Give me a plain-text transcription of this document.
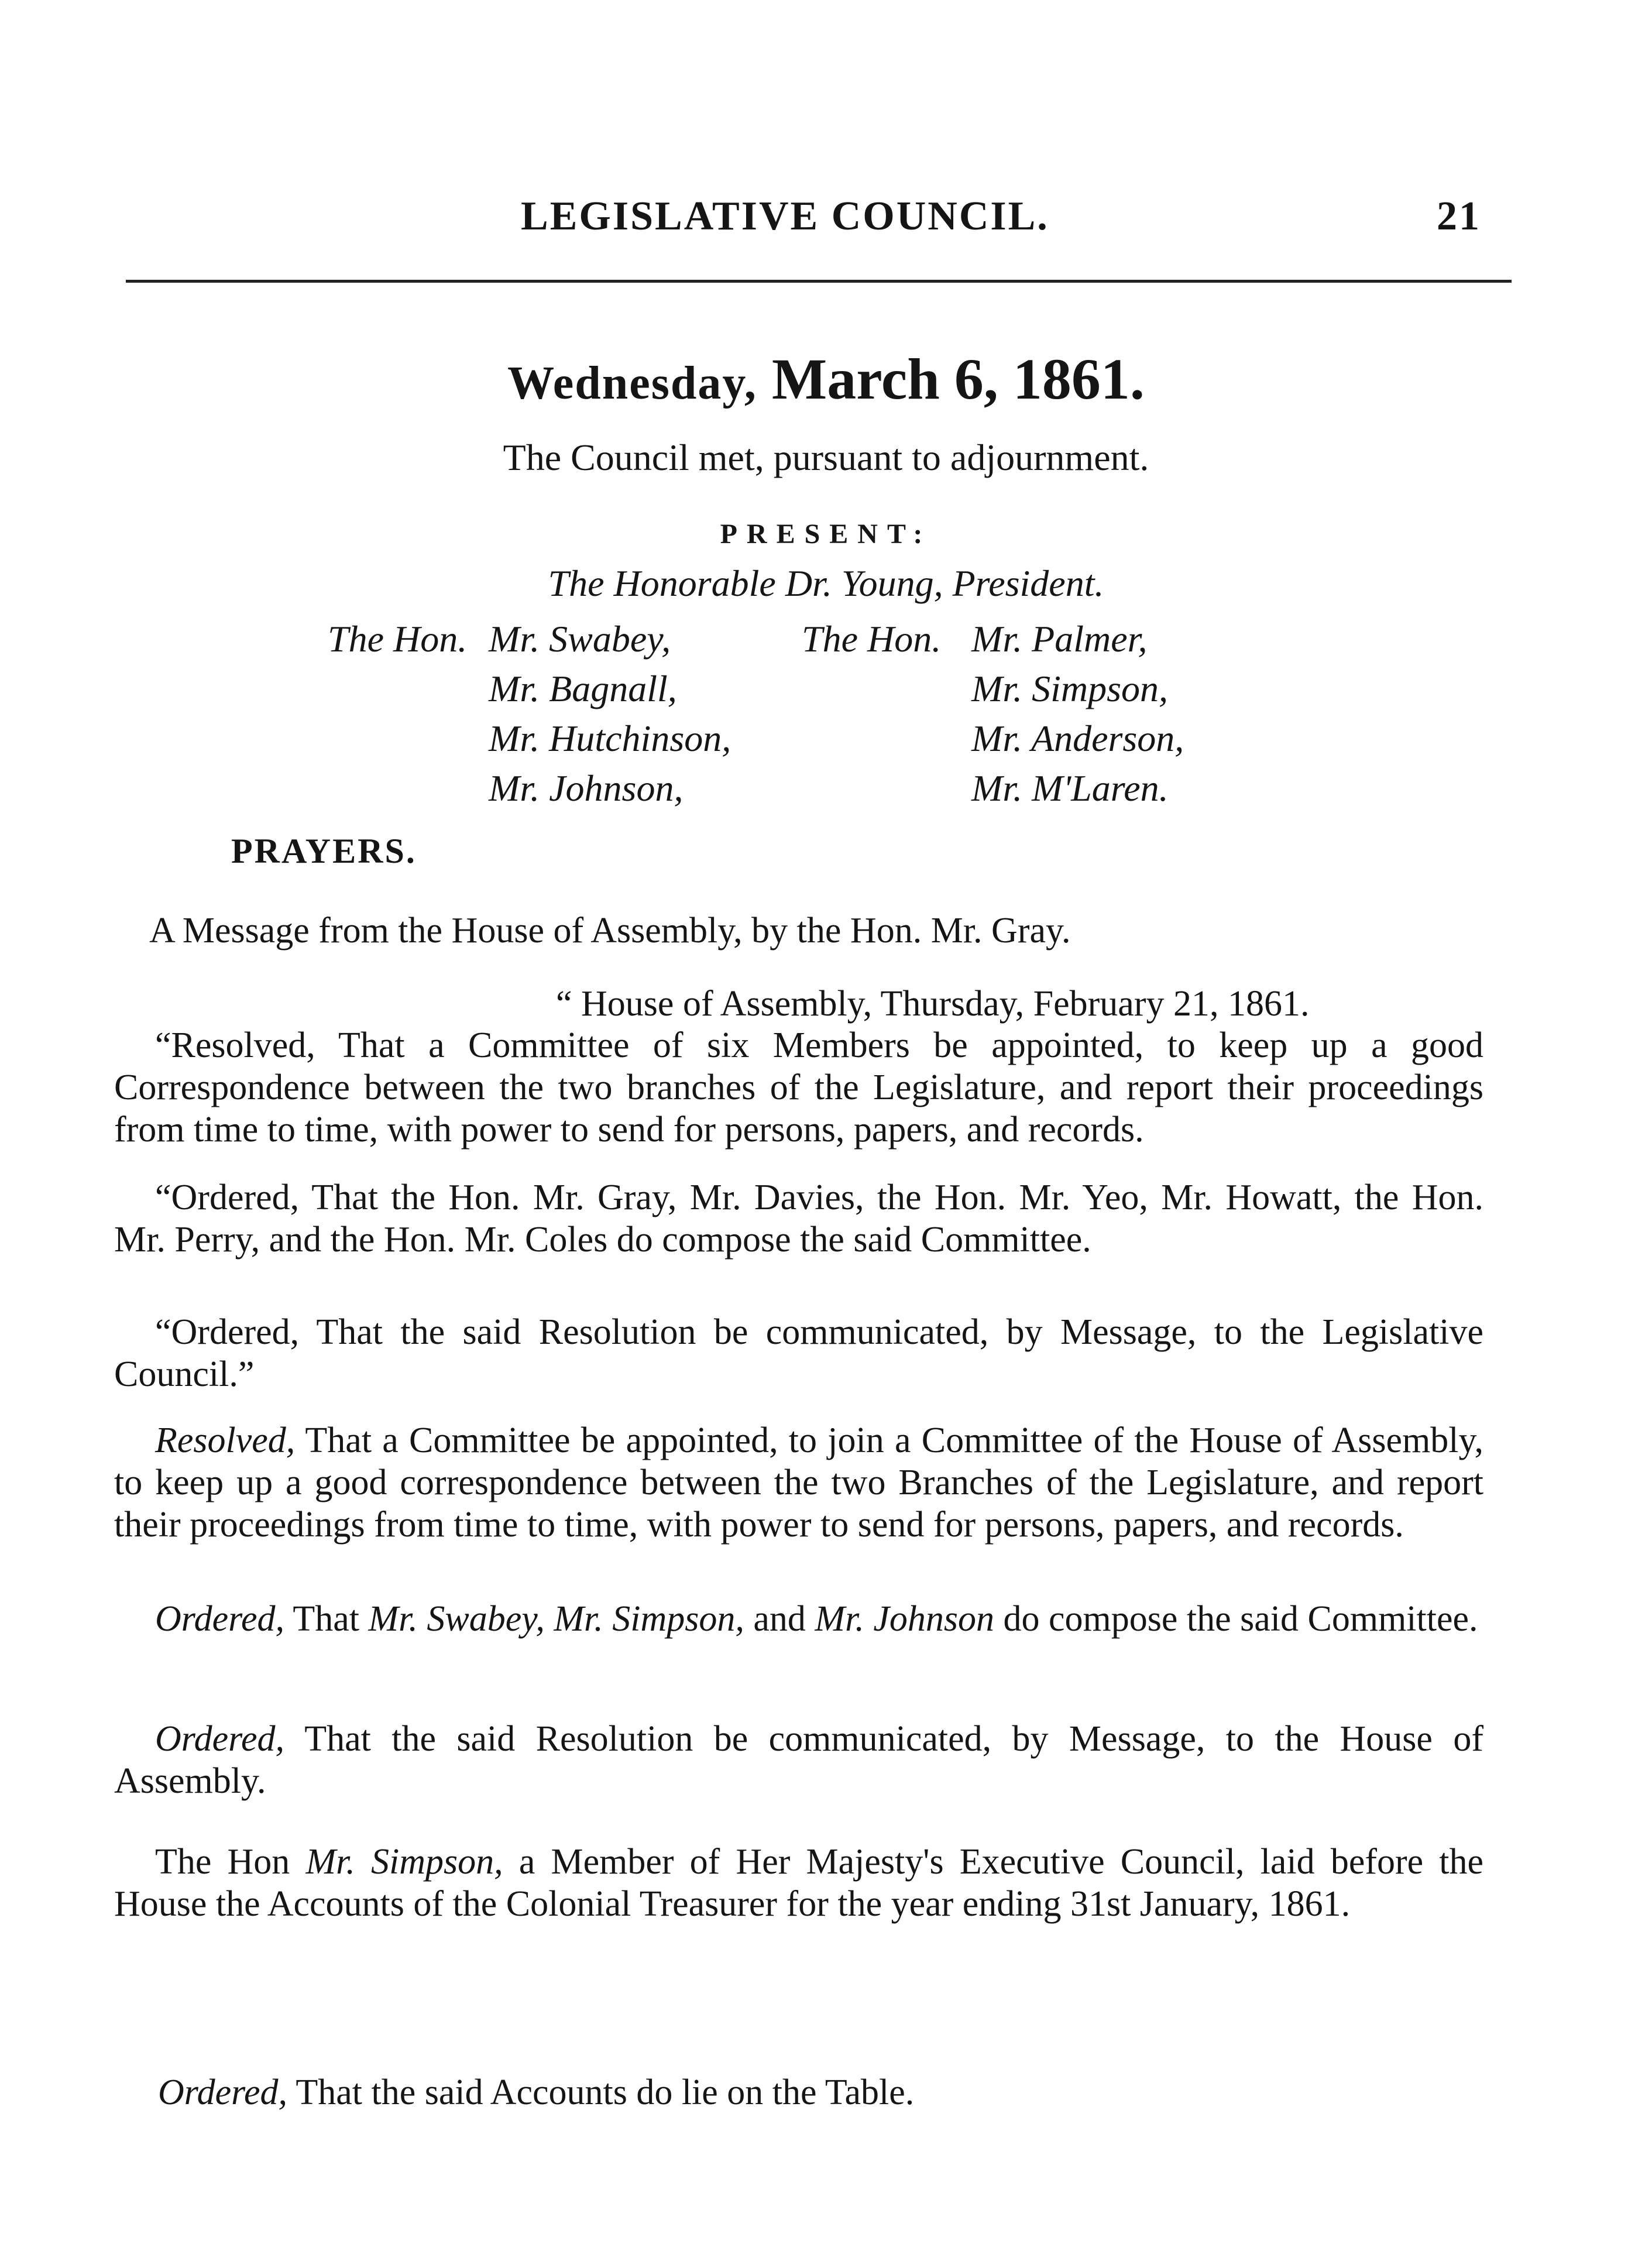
LEGISLATIVE COUNCIL.	21
Wednesday, March 6, 1861.
The Council met, pursuant to adjournment.
PRESENT:
The Honorable Dr. Young, President.
The Hon. Mr. Swabey,
Mr. Bagnall,
Mr. Hutchinson,
Mr. Johnson,
The Hon. Mr. Palmer,
Mr. Simpson,
Mr. Anderson,
Mr. M'Laren.
PRAYERS.
A Message from the House of Assembly, by the Hon. Mr. Gray.
“ House of Assembly, Thursday, February 21, 1861.

“Resolved, That a Committee of six Members be appointed, to keep up a good Correspondence between the two branches of the Legislature, and report their proceedings from time to time, with power to send for persons, papers, and records.

“Ordered, That the Hon. Mr. Gray, Mr. Davies, the Hon. Mr. Yeo, Mr. Howatt, the Hon. Mr. Perry, and the Hon. Mr. Coles do compose the said Committee.

“Ordered, That the said Resolution be communicated, by Message, to the Legislative Council.”

Resolved, That a Committee be appointed, to join a Committee of the House of Assembly, to keep up a good correspondence between the two Branches of the Legislature, and report their proceedings from time to time, with power to send for persons, papers, and records.

Ordered, That Mr. Swabey, Mr. Simpson, and Mr. Johnson do compose the said Committee.

Ordered, That the said Resolution be communicated, by Message, to the House of Assembly.

The Hon Mr. Simpson, a Member of Her Majesty's Executive Council, laid before the House the Accounts of the Colonial Treasurer for the year ending 31st January, 1861.

Ordered, That the said Accounts do lie on the Table.
